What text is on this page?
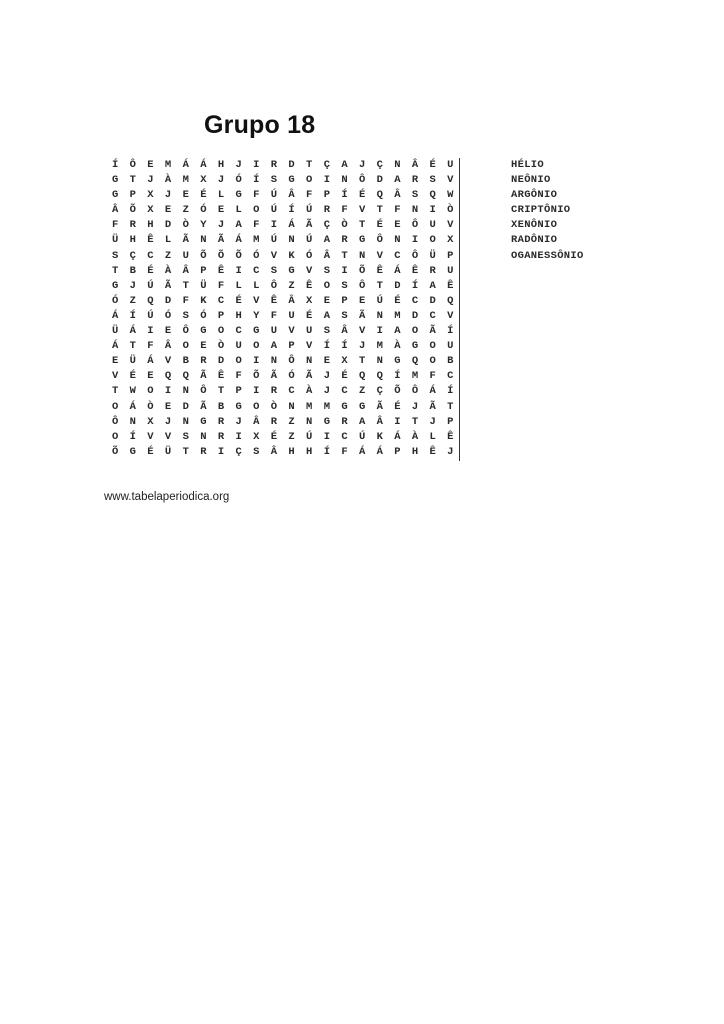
Grupo 18
Í	Ô	E	M	Á	Á	H	J	I	R	D	T	Ç	A	J	Ç	N	Â	É	U
G	T	J	À	M	X	J	Ó	Í	S	G	O	I	N	Ô	D	A	R	S	V
G	P	X	J	E	É	L	G	F	Ú	Â	F	P	Í	É	Q	Â	S	Q	W
Â	Õ	X	E	Z	Ó	E	L	O	Ú	Í	Ú	R	F	V	T	F	N	I	Ò
F	R	H	D	Ò	Y	J	A	F	I	Á	Ã	Ç	Ò	T	É	E	Ô	U	V
Ü	H	Ê	L	Ã	N	Ã	Á	M	Ú	N	Ú	A	R	G	Ô	N	I	O	X
S	Ç	C	Z	U	Õ	Õ	Õ	Ó	V	K	Ó	Â	T	N	V	C	Ô	Ü	P
T	B	É	À	Â	P	Ê	I	C	S	G	V	S	I	Õ	Ê	Á	Ê	R	U
G	J	Ú	Ã	T	Ü	F	L	L	Ô	Z	Ê	O	S	Ô	T	D	Í	A	Ê
Ó	Z	Q	D	F	K	C	É	V	Ê	Â	X	E	P	E	Ú	É	C	D	Q
Á	Í	Ú	Ó	S	Ó	P	H	Y	F	U	É	A	S	Ã	N	M	D	C	V
Ü	Á	I	E	Ô	G	O	C	G	U	V	U	S	Â	V	I	A	O	Ã	Í
Á	T	F	Â	O	E	Ò	U	O	A	P	V	Í	Í	J	M	À	G	O	U
E	Ü	Á	V	B	R	D	O	I	N	Ô	N	E	X	T	N	G	Q	O	B
V	É	E	Q	Q	Ã	Ê	F	Õ	Ã	Ó	Ã	J	É	Q	Q	Í	M	F	C
T	W	O	I	N	Ô	T	P	I	R	C	À	J	C	Z	Ç	Õ	Ô	Á	Í
O	Á	Ò	E	D	Ã	B	G	O	Ò	N	M	M	G	G	Ã	É	J	Ã	T
Ô	N	X	J	N	G	R	J	Â	R	Z	N	G	R	A	Â	I	T	J	P
O	Í	V	V	S	N	R	I	X	É	Z	Ú	I	C	Ú	K	Á	À	L	Ê
Õ	G	É	Ü	T	R	I	Ç	S	Â	H	H	Í	F	Á	Á	P	H	Ê	J
HÉLIO
NEÔNIO
ARGÔNIO
CRIPTÔNIO
XENÔNIO
RADÔNIO
OGANESSÔNIO
www.tabelaperiodica.org
